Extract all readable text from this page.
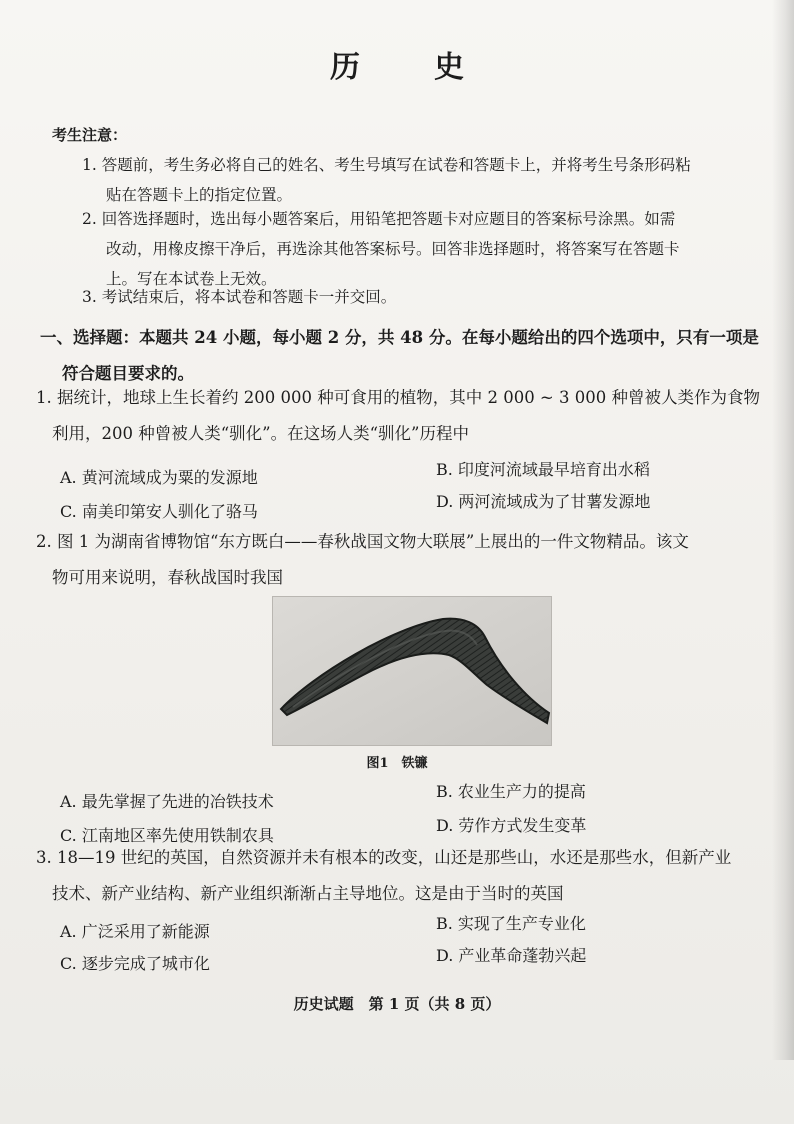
历　史
考生注意：
1. 答题前，考生务必将自己的姓名、考生号填写在试卷和答题卡上，并将考生号条形码粘
贴在答题卡上的指定位置。
2. 回答选择题时，选出每小题答案后，用铅笔把答题卡对应题目的答案标号涂黑。如需
改动，用橡皮擦干净后，再选涂其他答案标号。回答非选择题时，将答案写在答题卡
上。写在本试卷上无效。
3. 考试结束后，将本试卷和答题卡一并交回。
一、选择题：本题共 24 小题，每小题 2 分，共 48 分。在每小题给出的四个选项中，只有一项是
符合题目要求的。
1. 据统计，地球上生长着约 200 000 种可食用的植物，其中 2 000 ~ 3 000 种曾被人类作为食物
利用，200 种曾被人类“驯化”。在这场人类“驯化”历程中
A. 黄河流域成为粟的发源地	B. 印度河流域最早培育出水稻
C. 南美印第安人驯化了骆马
D. 两河流域成为了甘薯发源地
2. 图 1 为湖南省博物馆“东方既白——春秋战国文物大联展”上展出的一件文物精品。该文
物可用来说明，春秋战国时我国
图1　铁镰
A. 最先掌握了先进的冶铁技术
B. 农业生产力的提高
C. 江南地区率先使用铁制农具
D. 劳作方式发生变革
3. 18—19 世纪的英国，自然资源并未有根本的改变，山还是那些山，水还是那些水，但新产业
技术、新产业结构、新产业组织渐渐占主导地位。这是由于当时的英国
A. 广泛采用了新能源	B. 实现了生产专业化
C. 逐步完成了城市化	D. 产业革命蓬勃兴起
历史试题　第 1 页（共 8 页）
